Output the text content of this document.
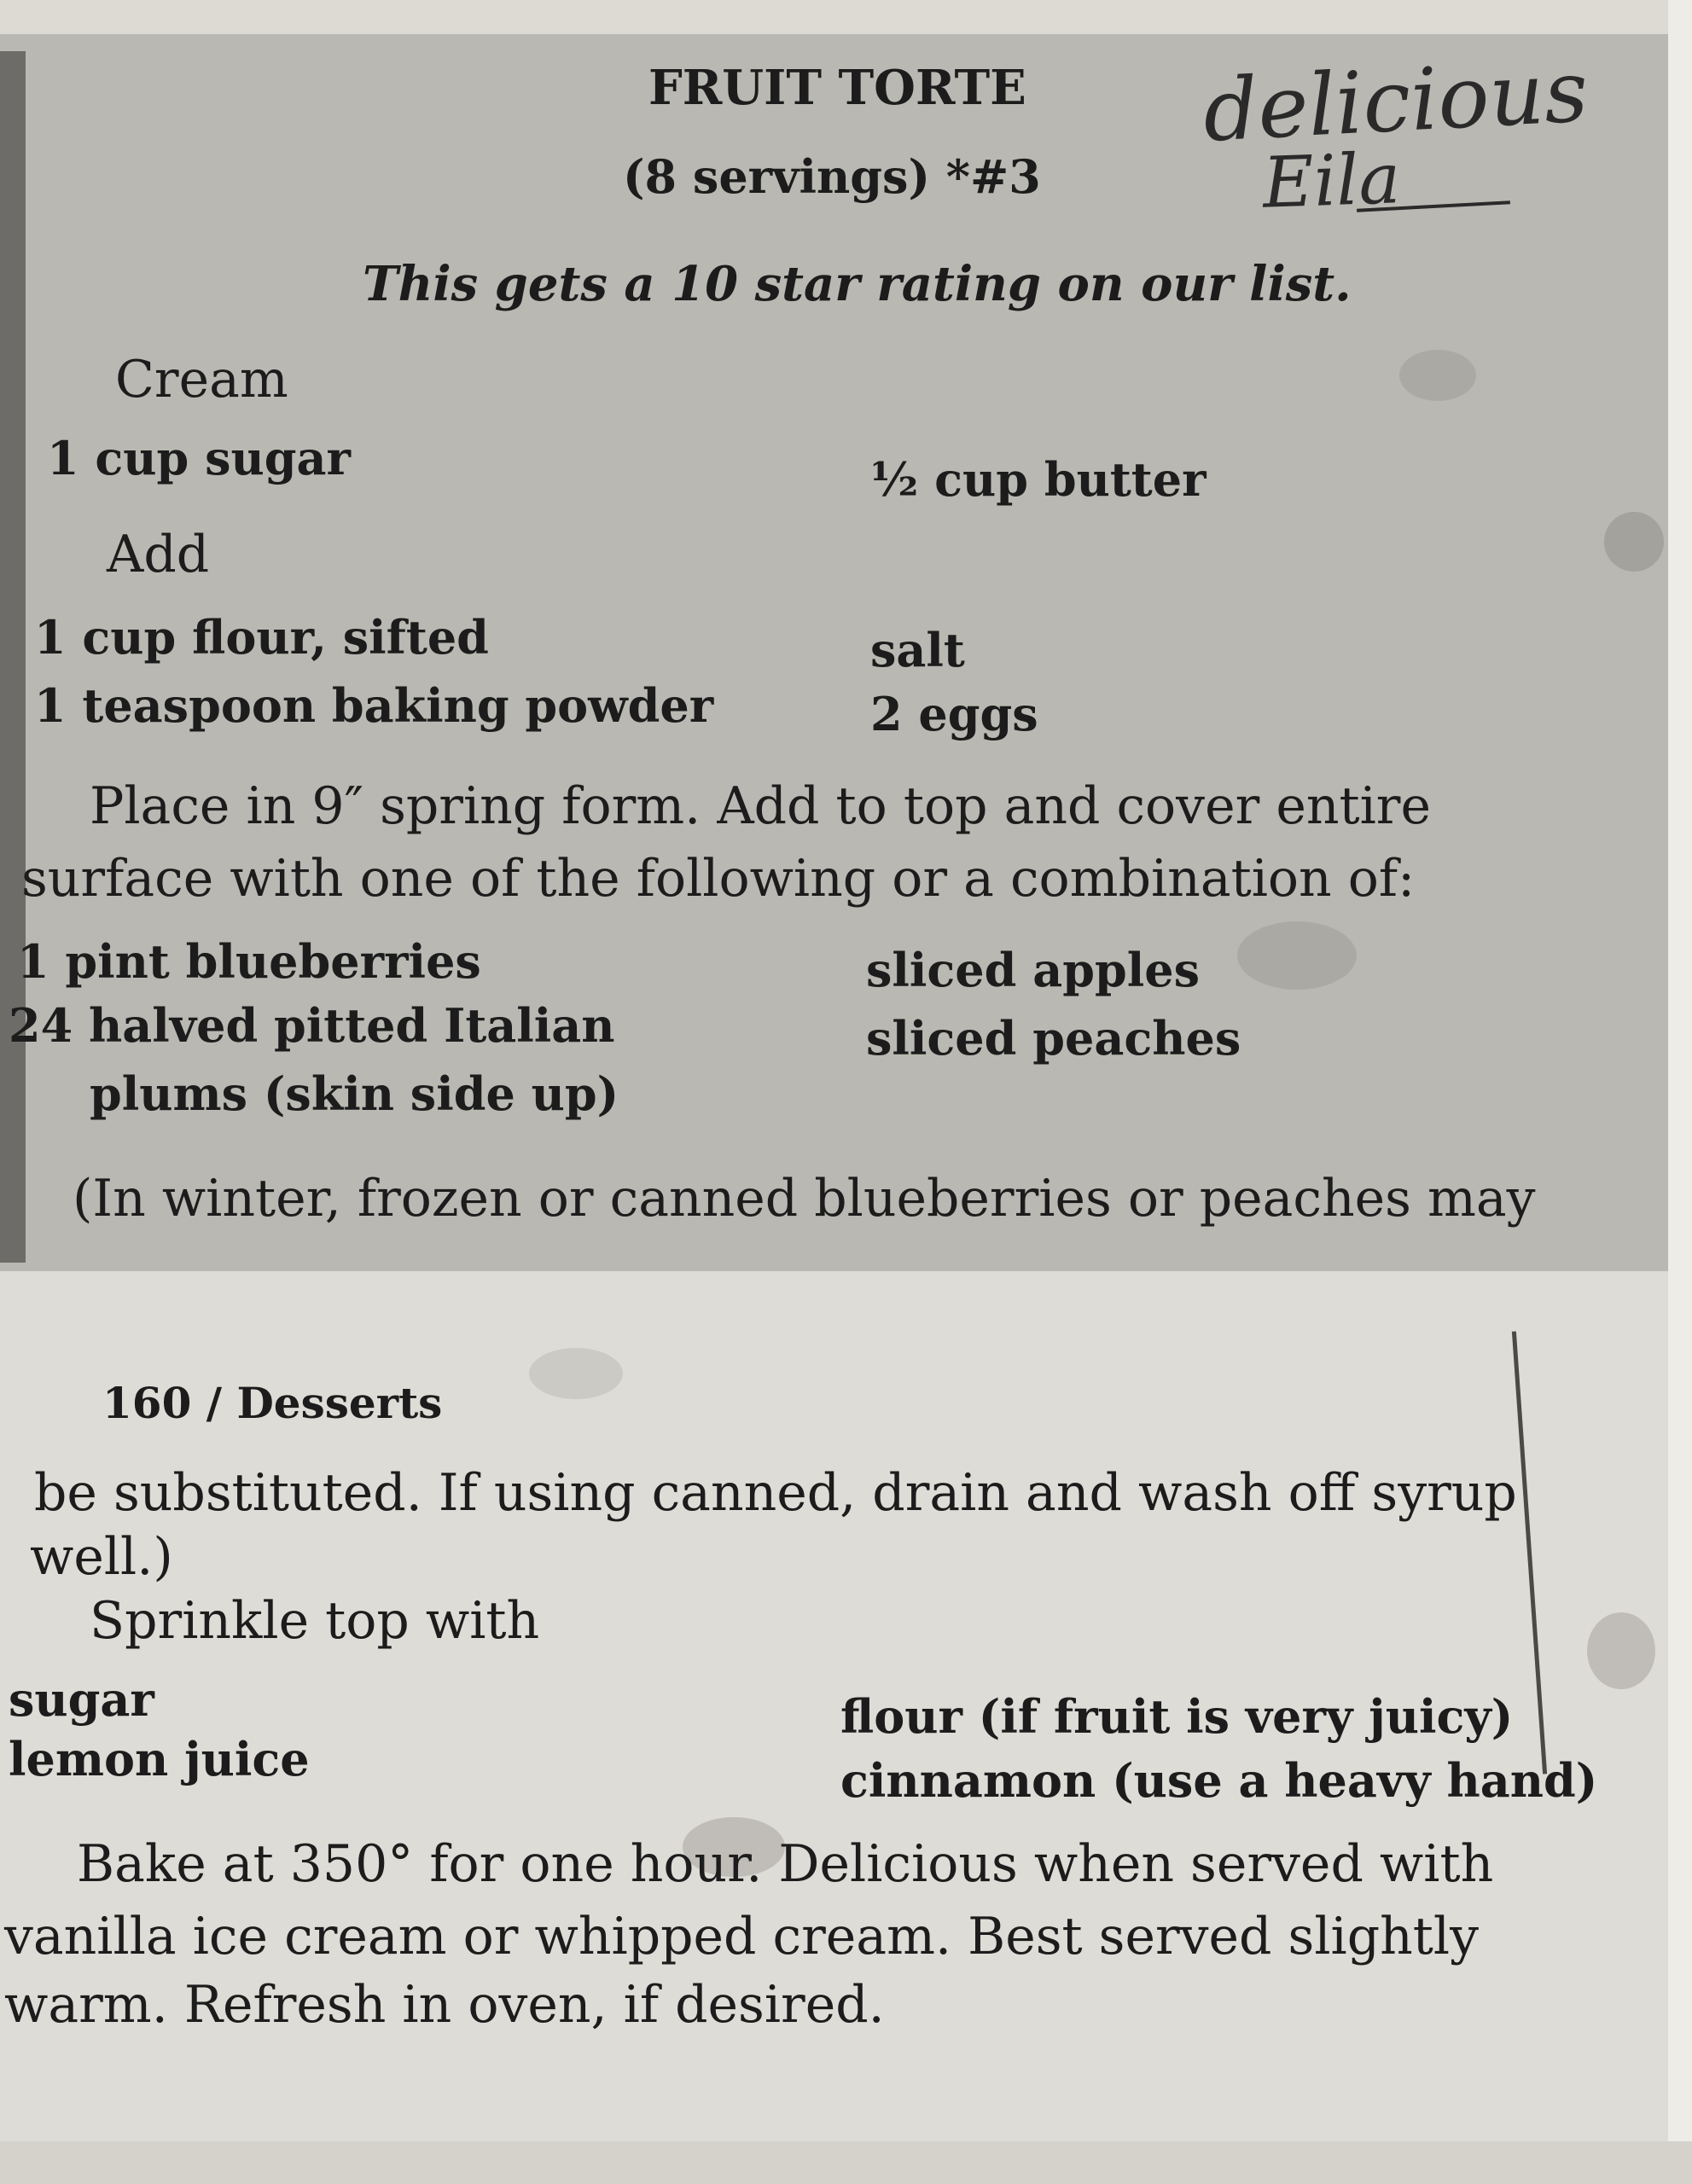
FRUIT TORTE
(8 servings) *#3
delicious
Eila
This gets a 10 star rating on our list.
Cream
1 cup sugar	½ cup butter
Add
1 cup flour, sifted
1 teaspoon baking powder
salt
2 eggs
Place in 9″ spring form. Add to top and cover entire
surface with one of the following or a combination of:
1 pint blueberries
24 halved pitted Italian
plums (skin side up)
sliced apples
sliced peaches
(In winter, frozen or canned blueberries or peaches may
160 / Desserts
be substituted. If using canned, drain and wash off syrup
well.)
Sprinkle top with
sugar
lemon juice
flour (if fruit is very juicy)
cinnamon (use a heavy hand)
Bake at 350° for one hour. Delicious when served with
vanilla ice cream or whipped cream. Best served slightly
warm. Refresh in oven, if desired.
